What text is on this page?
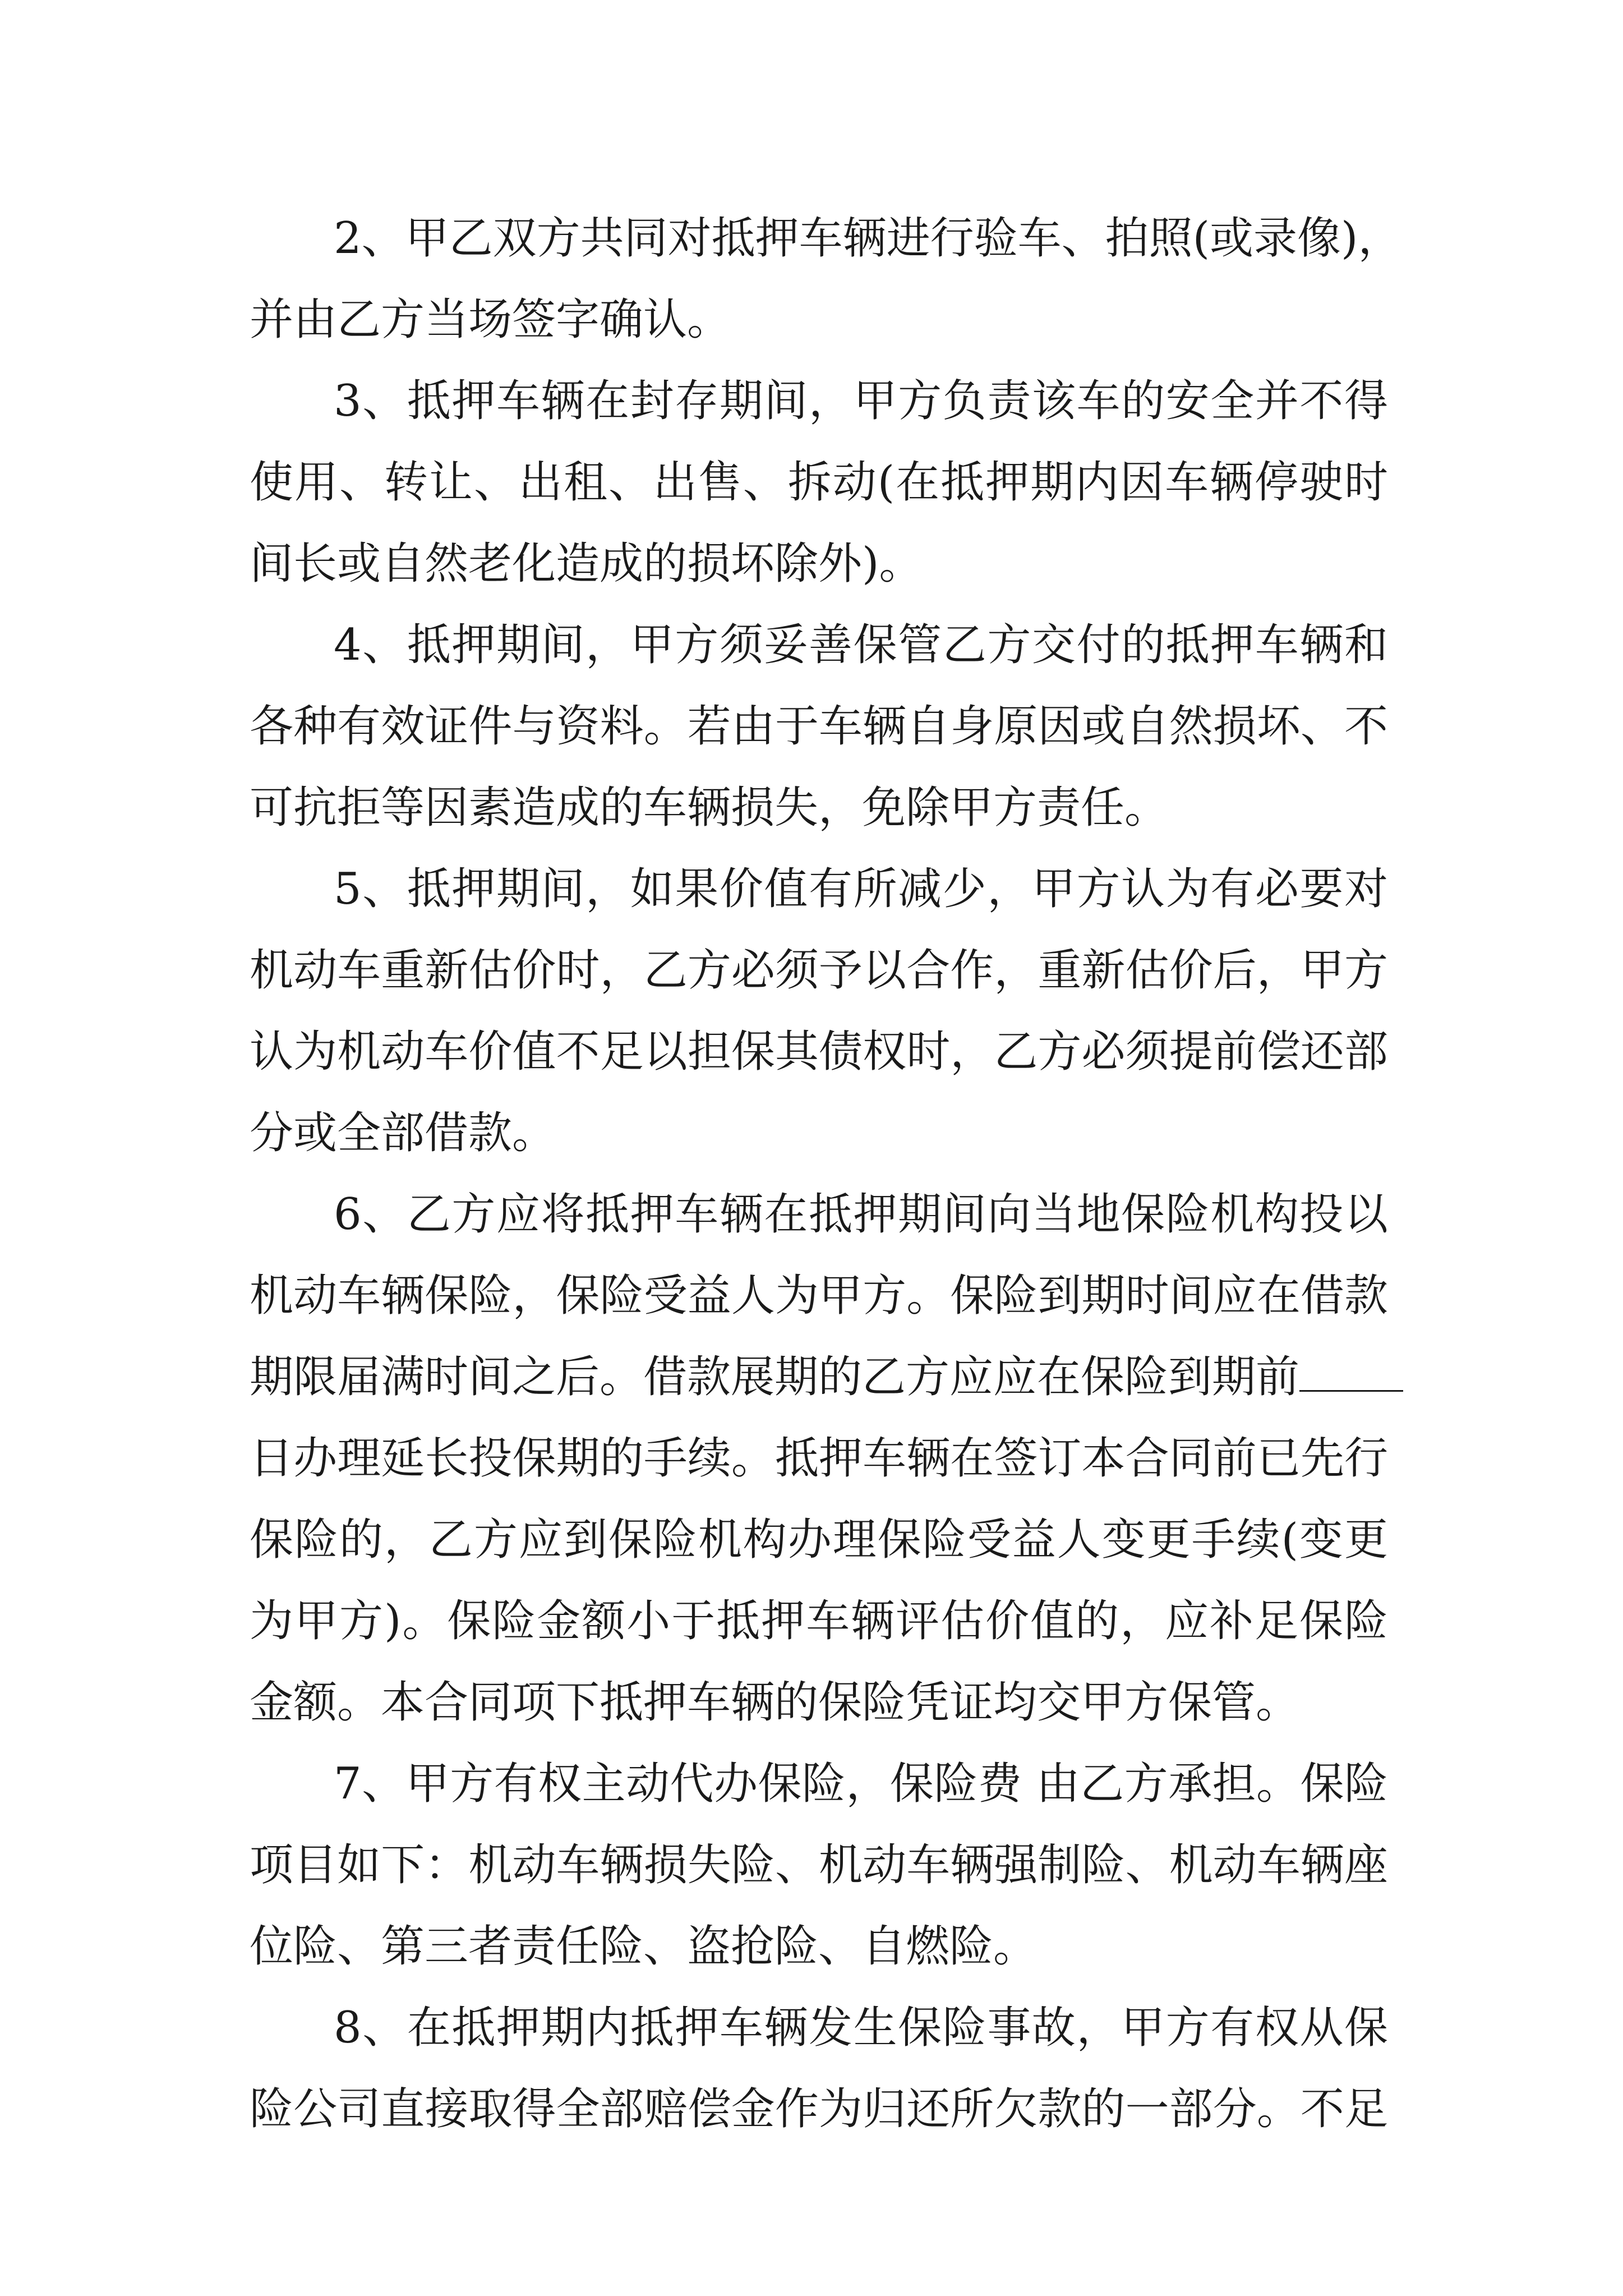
2、甲乙双方共同对抵押车辆进行验车、拍照(或录像)，
并由乙方当场签字确认。
3、抵押车辆在封存期间，甲方负责该车的安全并不得
使用、转让、出租、出售、拆动(在抵押期内因车辆停驶时
间长或自然老化造成的损坏除外)。
4、抵押期间，甲方须妥善保管乙方交付的抵押车辆和
各种有效证件与资料。若由于车辆自身原因或自然损坏、不
可抗拒等因素造成的车辆损失，免除甲方责任。
5、抵押期间，如果价值有所减少，甲方认为有必要对
机动车重新估价时，乙方必须予以合作，重新估价后，甲方
认为机动车价值不足以担保其债权时，乙方必须提前偿还部
分或全部借款。
6、乙方应将抵押车辆在抵押期间向当地保险机构投以
机动车辆保险，保险受益人为甲方。保险到期时间应在借款
期限届满时间之后。借款展期的乙方应应在保险到期前
日办理延长投保期的手续。抵押车辆在签订本合同前已先行
保险的，乙方应到保险机构办理保险受益人变更手续(变更
为甲方)。保险金额小于抵押车辆评估价值的，应补足保险
金额。本合同项下抵押车辆的保险凭证均交甲方保管。
7、甲方有权主动代办保险，保险费 由乙方承担。保险
项目如下：机动车辆损失险、机动车辆强制险、机动车辆座
位险、第三者责任险、盗抢险、自燃险。
8、在抵押期内抵押车辆发生保险事故，甲方有权从保
险公司直接取得全部赔偿金作为归还所欠款的一部分。不足
